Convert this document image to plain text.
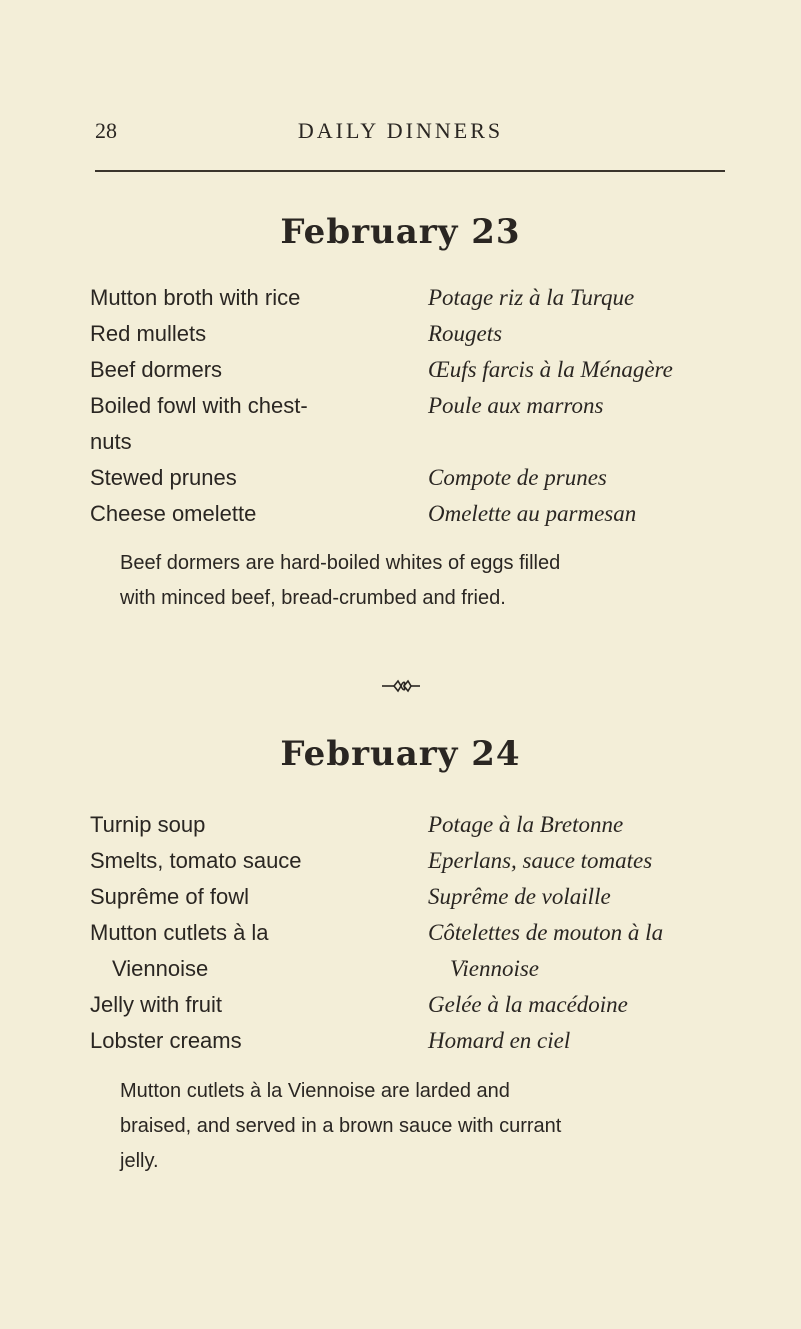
28	DAILY DINNERS
February 23
Mutton broth with rice
Red mullets
Beef dormers
Boiled fowl with chest-
nuts
Stewed prunes
Cheese omelette
Potage riz à la Turque
Rougets
Œufs farcis à la Ménagère
Poule aux marrons
Compote de prunes
Omelette au parmesan
Beef dormers are hard-boiled whites of eggs filled
with minced beef, bread-crumbed and fried.
February 24
Turnip soup
Smelts, tomato sauce
Suprême of fowl
Mutton cutlets à la
Viennoise
Jelly with fruit
Lobster creams
Potage à la Bretonne
Eperlans, sauce tomates
Suprême de volaille
Côtelettes de mouton à la
Viennoise
Gelée à la macédoine
Homard en ciel
Mutton cutlets à la Viennoise are larded and
braised, and served in a brown sauce with currant
jelly.
